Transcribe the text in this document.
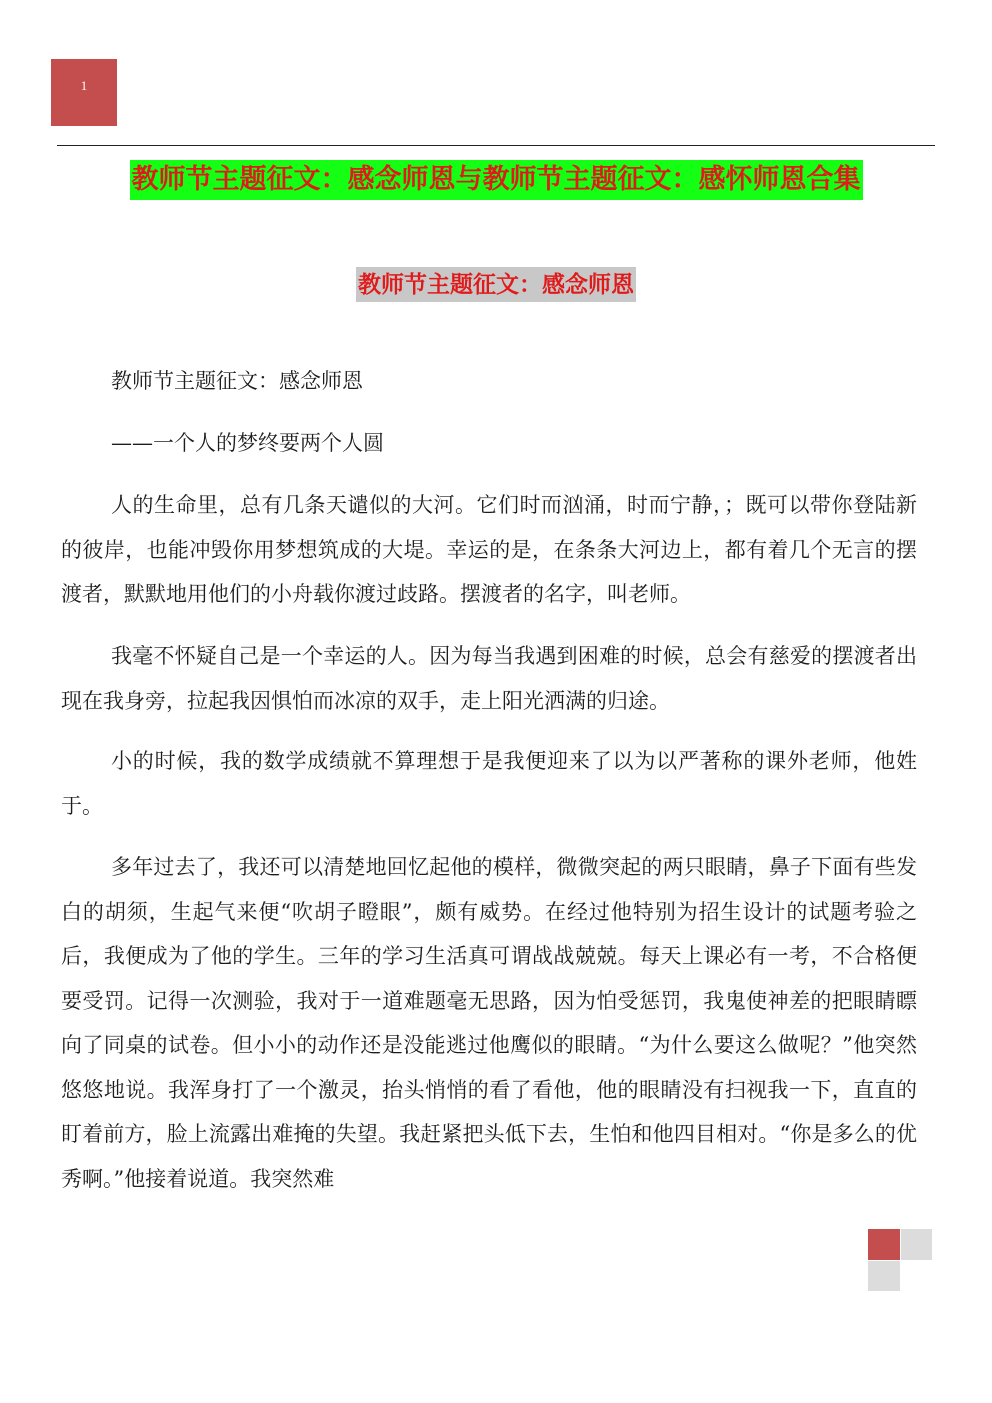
1
教师节主题征文：感念师恩与教师节主题征文：感怀师恩合集
教师节主题征文：感念师恩

教师节主题征文：感念师恩

——一个人的梦终要两个人圆

人的生命里，总有几条天谴似的大河。它们时而汹涌，时而宁静，；既可以带你登陆新的彼岸，也能冲毁你用梦想筑成的大堤。幸运的是，在条条大河边上，都有着几个无言的摆渡者，默默地用他们的小舟载你渡过歧路。摆渡者的名字，叫老师。

我毫不怀疑自己是一个幸运的人。因为每当我遇到困难的时候，总会有慈爱的摆渡者出现在我身旁，拉起我因惧怕而冰凉的双手，走上阳光洒满的归途。

小的时候，我的数学成绩就不算理想于是我便迎来了以为以严著称的课外老师，他姓于。

多年过去了，我还可以清楚地回忆起他的模样，微微突起的两只眼睛，鼻子下面有些发白的胡须，生起气来便“吹胡子瞪眼”，颇有威势。在经过他特别为招生设计的试题考验之后，我便成为了他的学生。三年的学习生活真可谓战战兢兢。每天上课必有一考，不合格便要受罚。记得一次测验，我对于一道难题毫无思路，因为怕受惩罚，我鬼使神差的把眼睛瞟向了同桌的试卷。但小小的动作还是没能逃过他鹰似的眼睛。“为什么要这么做呢？”他突然悠悠地说。我浑身打了一个激灵，抬头悄悄的看了看他，他的眼睛没有扫视我一下，直直的盯着前方，脸上流露出难掩的失望。我赶紧把头低下去，生怕和他四目相对。“你是多么的优秀啊。”他接着说道。我突然难
